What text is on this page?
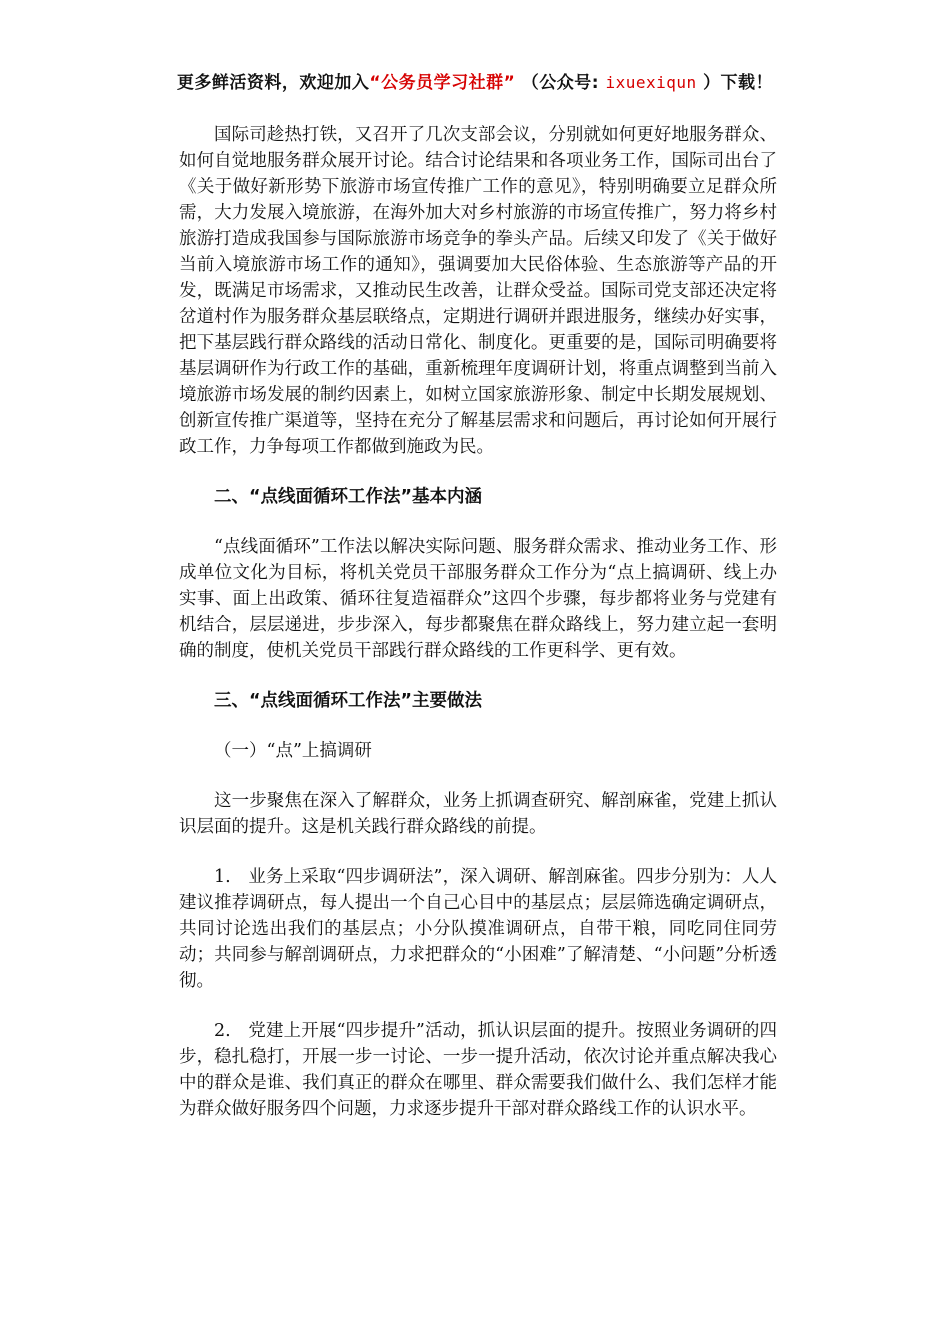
更多鲜活资料，欢迎加入“公务员学习社群” （公众号: ixuexiqun ）下载！

国际司趁热打铁，又召开了几次支部会议，分别就如何更好地服务群众、如何自觉地服务群众展开讨论。结合讨论结果和各项业务工作，国际司出台了《关于做好新形势下旅游市场宣传推广工作的意见》，特别明确要立足群众所需，大力发展入境旅游，在海外加大对乡村旅游的市场宣传推广，努力将乡村旅游打造成我国参与国际旅游市场竞争的拳头产品。后续又印发了《关于做好当前入境旅游市场工作的通知》，强调要加大民俗体验、生态旅游等产品的开发，既满足市场需求，又推动民生改善，让群众受益。国际司党支部还决定将岔道村作为服务群众基层联络点，定期进行调研并跟进服务，继续办好实事，把下基层践行群众路线的活动日常化、制度化。更重要的是，国际司明确要将基层调研作为行政工作的基础，重新梳理年度调研计划，将重点调整到当前入境旅游市场发展的制约因素上，如树立国家旅游形象、制定中长期发展规划、创新宣传推广渠道等，坚持在充分了解基层需求和问题后，再讨论如何开展行政工作，力争每项工作都做到施政为民。

二、“点线面循环工作法”基本内涵

“点线面循环”工作法以解决实际问题、服务群众需求、推动业务工作、形成单位文化为目标，将机关党员干部服务群众工作分为“点上搞调研、线上办实事、面上出政策、循环往复造福群众”这四个步骤，每步都将业务与党建有机结合，层层递进，步步深入，每步都聚焦在群众路线上，努力建立起一套明确的制度，使机关党员干部践行群众路线的工作更科学、更有效。

三、“点线面循环工作法”主要做法

（一）“点”上搞调研

这一步聚焦在深入了解群众，业务上抓调查研究、解剖麻雀，党建上抓认识层面的提升。这是机关践行群众路线的前提。

1.　业务上采取“四步调研法”，深入调研、解剖麻雀。四步分别为：人人建议推荐调研点，每人提出一个自己心目中的基层点；层层筛选确定调研点，共同讨论选出我们的基层点；小分队摸准调研点，自带干粮，同吃同住同劳动；共同参与解剖调研点，力求把群众的“小困难”了解清楚、“小问题”分析透彻。

2.　党建上开展“四步提升”活动，抓认识层面的提升。按照业务调研的四步，稳扎稳打，开展一步一讨论、一步一提升活动，依次讨论并重点解决我心中的群众是谁、我们真正的群众在哪里、群众需要我们做什么、我们怎样才能为群众做好服务四个问题，力求逐步提升干部对群众路线工作的认识水平。
